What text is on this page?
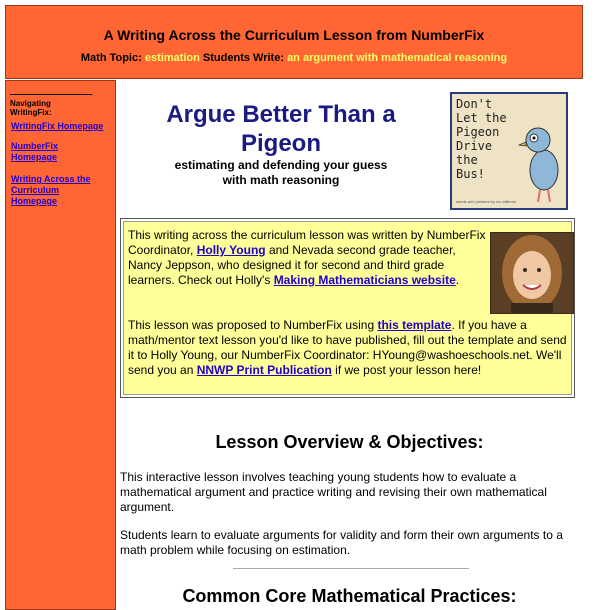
A Writing Across the Curriculum Lesson from NumberFix
Math Topic: estimation Students Write: an argument with mathematical reasoning
Navigating WritingFix:
WritingFix Homepage
NumberFix
Homepage
Writing Across the
Curriculum
Homepage
Argue Better Than a
Pigeon
estimating and defending your guess
with math reasoning
Don't
Let the
Pigeon
Drive
the
Bus!
words and pictures by mo willems
This writing across the curriculum lesson was written by NumberFix Coordinator, Holly Young and Nevada second grade teacher, Nancy Jeppson, who designed it for second and third grade learners. Check out Holly's Making Mathematicians website.
This lesson was proposed to NumberFix using this template. If you have a math/mentor text lesson you'd like to have published, fill out the template and send it to Holly Young, our NumberFix Coordinator: HYoung@washoeschools.net. We'll send you an NNWP Print Publication if we post your lesson here!
Lesson Overview & Objectives:
This interactive lesson involves teaching young students how to evaluate a mathematical argument and practice writing and revising their own mathematical argument.
Students learn to evaluate arguments for validity and form their own arguments to a math problem while focusing on estimation.
Common Core Mathematical Practices:
